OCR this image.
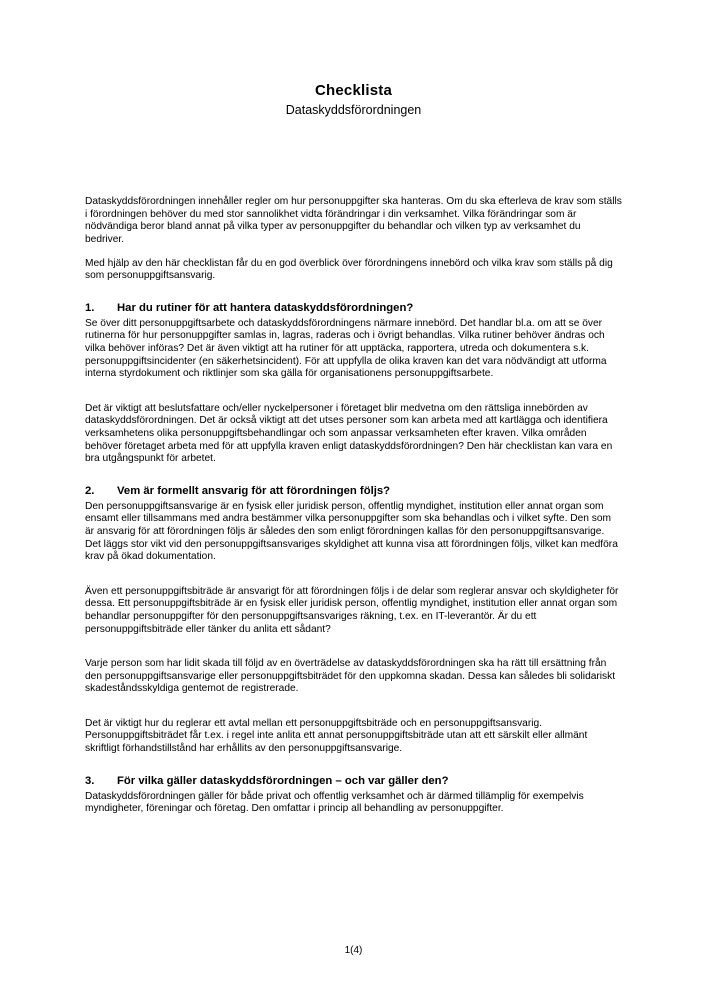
Checklista
Dataskyddsförordningen

Dataskyddsförordningen innehåller regler om hur personuppgifter ska hanteras. Om du ska efterleva de krav som ställs i förordningen behöver du med stor sannolikhet vidta förändringar i din verksamhet. Vilka förändringar som är nödvändiga beror bland annat på vilka typer av personuppgifter du behandlar och vilken typ av verksamhet du bedriver.

Med hjälp av den här checklistan får du en god överblick över förordningens innebörd och vilka krav som ställs på dig som personuppgiftsansvarig.

1.	Har du rutiner för att hantera dataskyddsförordningen?

Se över ditt personuppgiftsarbete och dataskyddsförordningens närmare innebörd. Det handlar bl.a. om att se över rutinerna för hur personuppgifter samlas in, lagras, raderas och i övrigt behandlas. Vilka rutiner behöver ändras och vilka behöver införas? Det är även viktigt att ha rutiner för att upptäcka, rapportera, utreda och dokumentera s.k. personuppgiftsincidenter (en säkerhetsincident). För att uppfylla de olika kraven kan det vara nödvändigt att utforma interna styrdokument och riktlinjer som ska gälla för organisationens personuppgiftsarbete.

Det är viktigt att beslutsfattare och/eller nyckelpersoner i företaget blir medvetna om den rättsliga innebörden av dataskyddsförordningen. Det är också viktigt att det utses personer som kan arbeta med att kartlägga och identifiera verksamhetens olika personuppgiftsbehandlingar och som anpassar verksamheten efter kraven. Vilka områden behöver företaget arbeta med för att uppfylla kraven enligt dataskyddsförordningen? Den här checklistan kan vara en bra utgångspunkt för arbetet.

2.	Vem är formellt ansvarig för att förordningen följs?

Den personuppgiftsansvarige är en fysisk eller juridisk person, offentlig myndighet, institution eller annat organ som ensamt eller tillsammans med andra bestämmer vilka personuppgifter som ska behandlas och i vilket syfte. Den som är ansvarig för att förordningen följs är således den som enligt förordningen kallas för den personuppgiftsansvarige. Det läggs stor vikt vid den personuppgiftsansvariges skyldighet att kunna visa att förordningen följs, vilket kan medföra krav på ökad dokumentation.

Även ett personuppgiftsbiträde är ansvarigt för att förordningen följs i de delar som reglerar ansvar och skyldigheter för dessa. Ett personuppgiftsbiträde är en fysisk eller juridisk person, offentlig myndighet, institution eller annat organ som behandlar personuppgifter för den personuppgiftsansvariges räkning, t.ex. en IT-leverantör. Är du ett personuppgiftsbiträde eller tänker du anlita ett sådant?

Varje person som har lidit skada till följd av en överträdelse av dataskyddsförordningen ska ha rätt till ersättning från den personuppgiftsansvarige eller personuppgiftsbiträdet för den uppkomna skadan. Dessa kan således bli solidariskt skadeståndsskyldiga gentemot de registrerade.

Det är viktigt hur du reglerar ett avtal mellan ett personuppgiftsbiträde och en personuppgiftsansvarig. Personuppgiftsbiträdet får t.ex. i regel inte anlita ett annat personuppgiftsbiträde utan att ett särskilt eller allmänt skriftligt förhandstillstånd har erhållits av den personuppgiftsansvarige.

3.	För vilka gäller dataskyddsförordningen – och var gäller den?

Dataskyddsförordningen gäller för både privat och offentlig verksamhet och är därmed tillämplig för exempelvis myndigheter, föreningar och företag. Den omfattar i princip all behandling av personuppgifter.

1(4)
